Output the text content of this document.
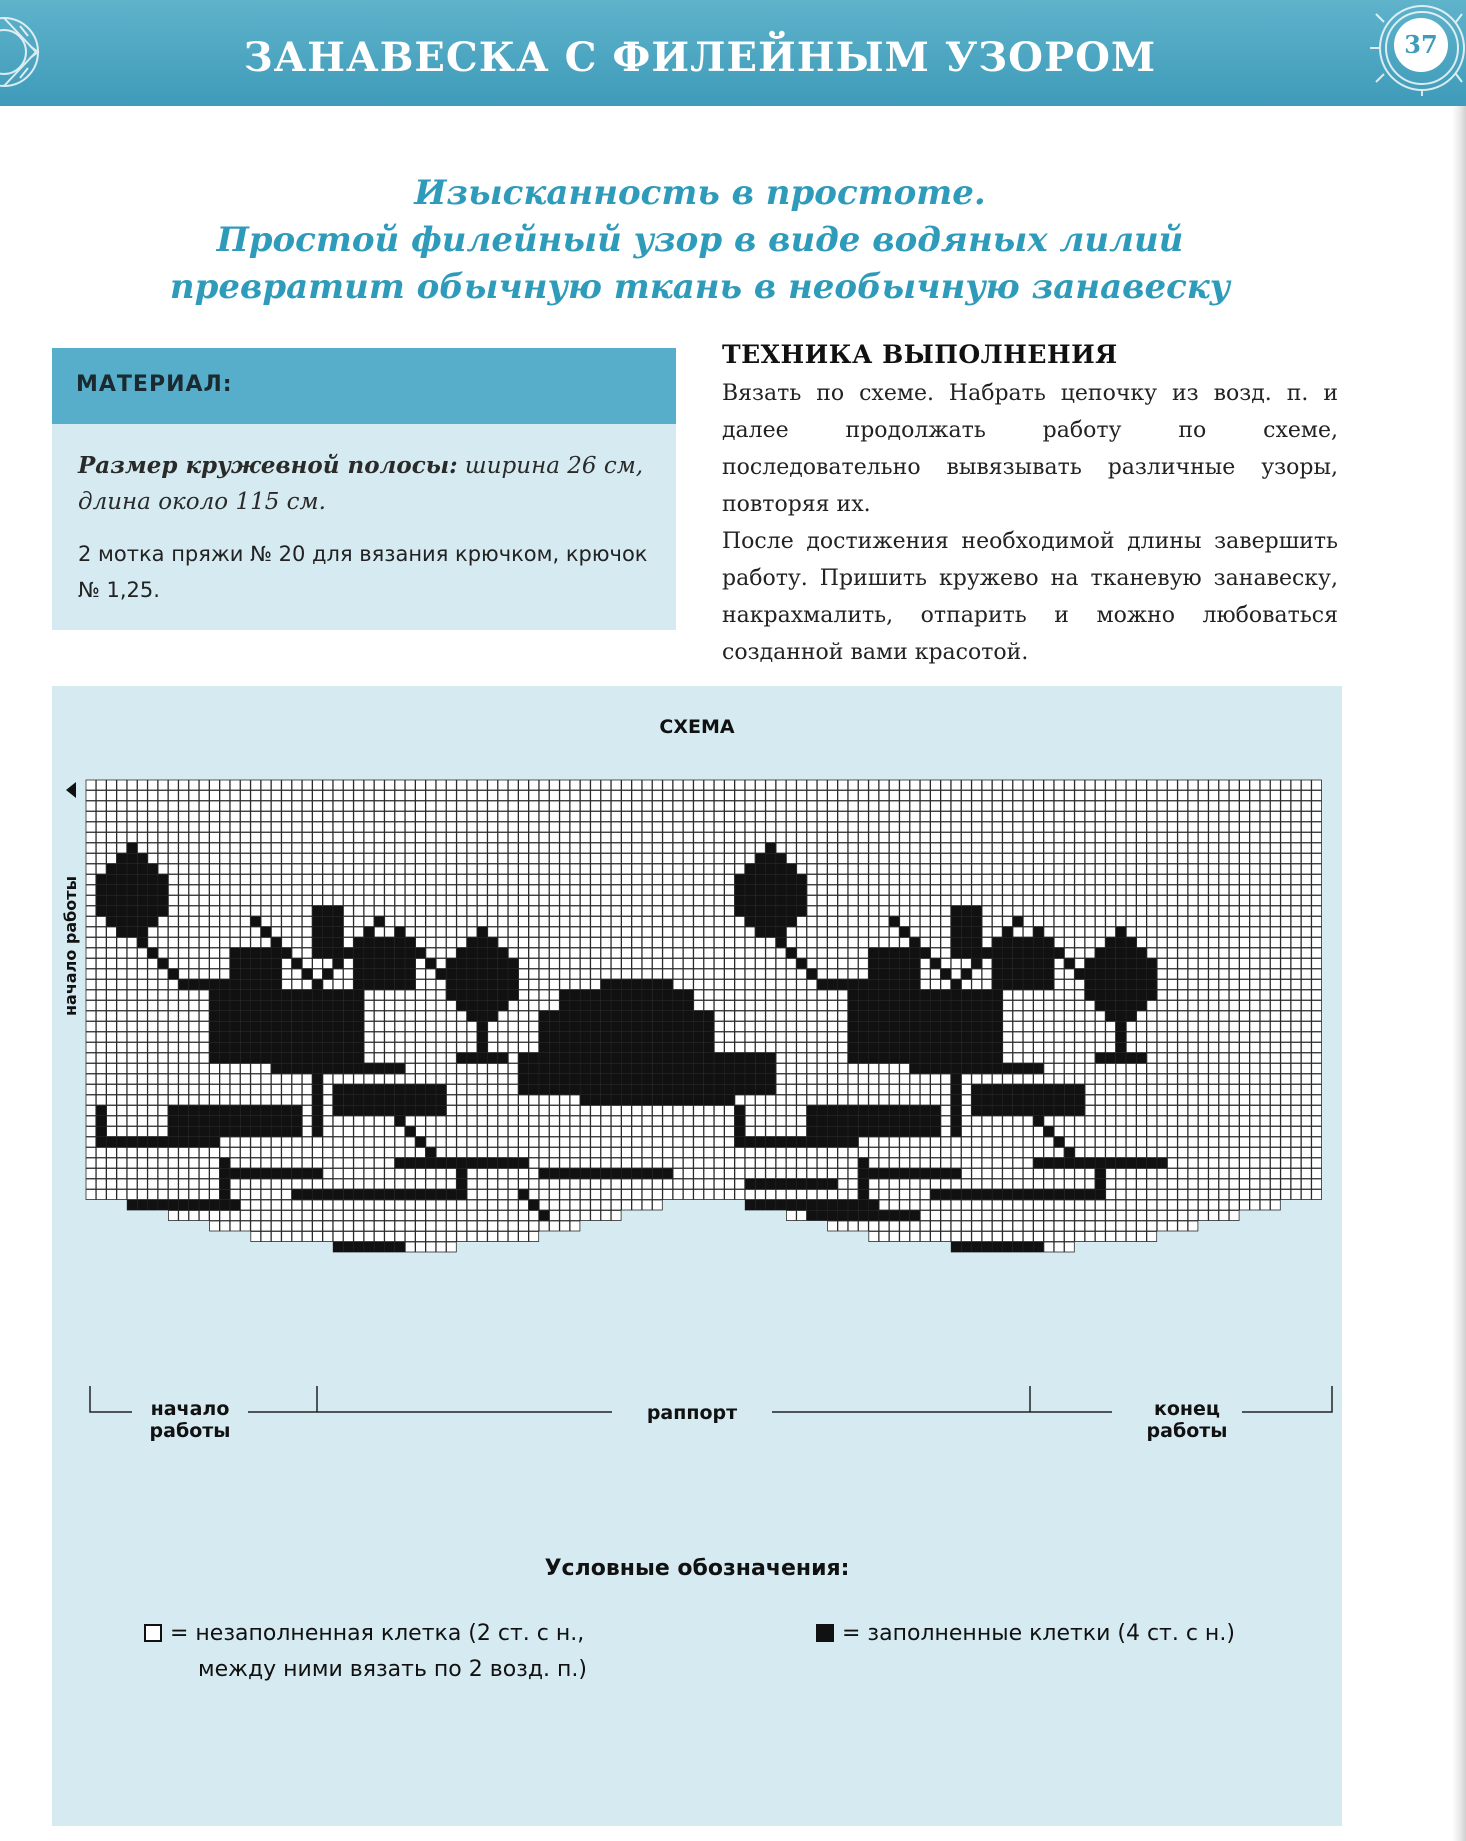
ЗАНАВЕСКА С ФИЛЕЙНЫМ УЗОРОМ	37
Изысканность в простоте.
Простой филейный узор в виде водяных лилий
превратит обычную ткань в необычную занавеску
МАТЕРИАЛ:
Размер кружевной полосы: ширина 26 см, длина около 115 см.
2 мотка пряжи № 20 для вязания крючком, крючок № 1,25.
ТЕХНИКА ВЫПОЛНЕНИЯ

Вязать по схеме. Набрать цепочку из возд. п. и далее продолжать работу по схеме, последовательно вывязывать различные узоры, повторяя их.

После достижения необходимой длины завершить работу. Пришить кружево на тканевую занавеску, накрахмалить, отпарить и можно любоваться созданной вами красотой.

СХЕМА
начало работы
начало работы
раппорт	конец работы
Условные обозначения:
= незаполненная клетка (2 ст. с н.,
между ними вязать по 2 возд. п.)
= заполненные клетки (4 ст. с н.)
